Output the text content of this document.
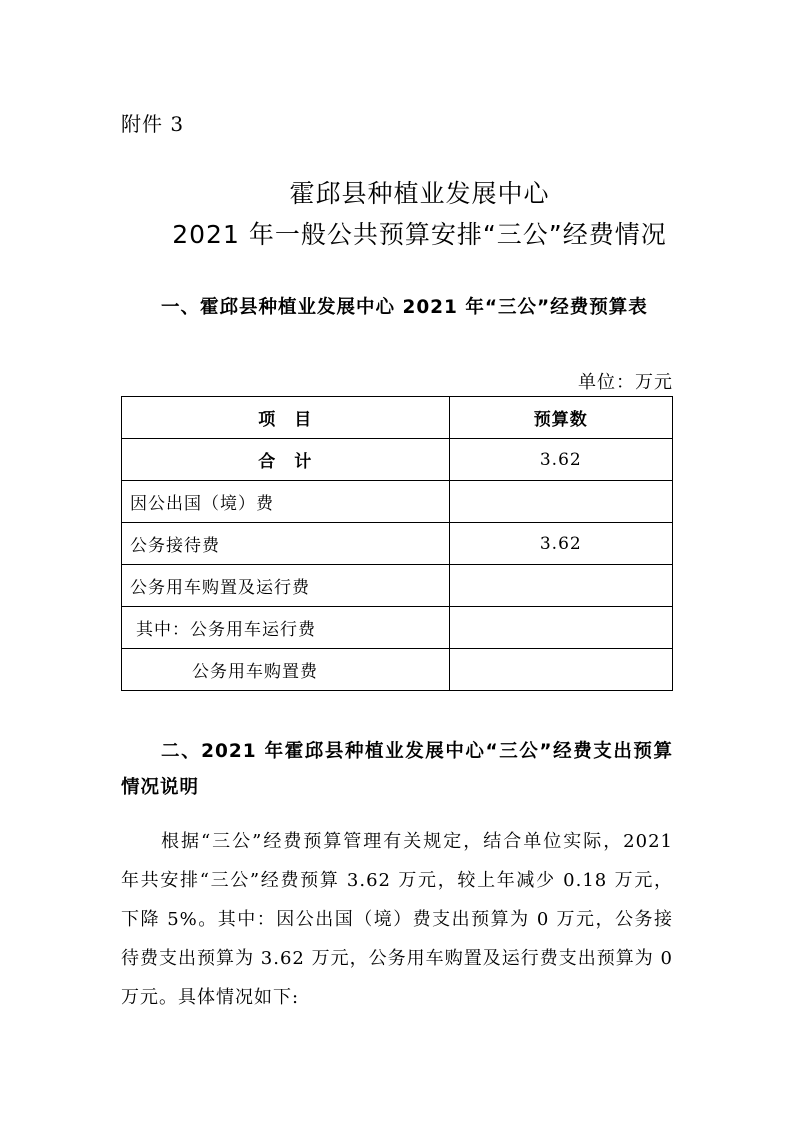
附件 3
霍邱县种植业发展中心
2021 年一般公共预算安排“三公”经费情况
一、霍邱县种植业发展中心 2021 年“三公”经费预算表
单位：万元
项　目	预算数
合　计	3.62
因公出国（境）费	
公务接待费	3.62
公务用车购置及运行费	
其中：公务用车运行费	
公务用车购置费	
二、2021 年霍邱县种植业发展中心“三公”经费支出预算情况说明
根据“三公”经费预算管理有关规定，结合单位实际，2021 年共安排“三公”经费预算 3.62 万元，较上年减少 0.18 万元，下降 5%。其中：因公出国（境）费支出预算为 0 万元，公务接待费支出预算为 3.62 万元，公务用车购置及运行费支出预算为 0 万元。具体情况如下:
